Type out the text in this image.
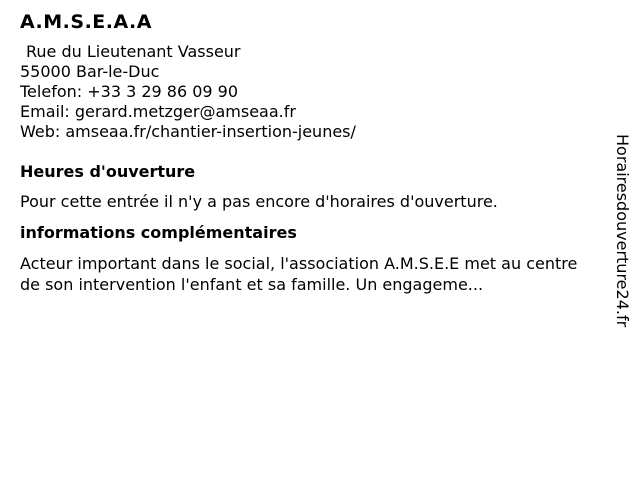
A.M.S.E.A.A
Rue du Lieutenant Vasseur
55000 Bar-le-Duc
Telefon: +33 3 29 86 09 90
Email: gerard.metzger@amseaa.fr
Web: amseaa.fr/chantier-insertion-jeunes/
Heures d'ouverture
Pour cette entrée il n'y a pas encore d'horaires d'ouverture.
informations complémentaires
Acteur important dans le social, l'association A.M.S.E.E met au centre de son intervention l'enfant et sa famille. Un engageme...	Horairesdouverture24.fr
